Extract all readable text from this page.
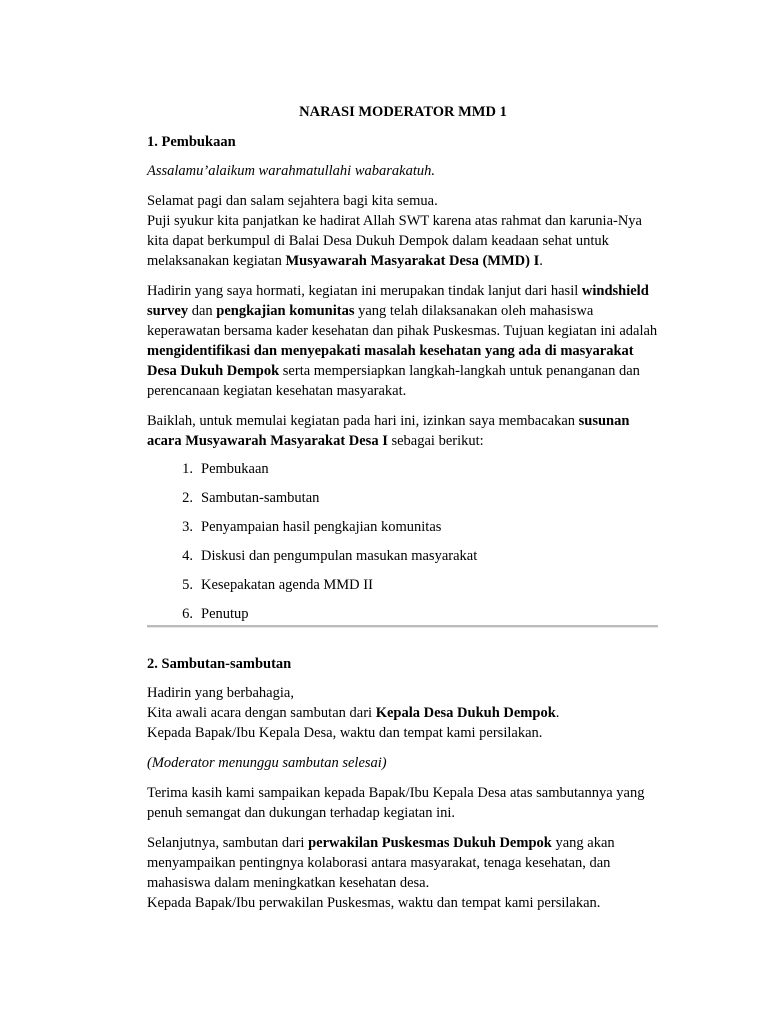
NARASI MODERATOR MMD 1
1. Pembukaan

Assalamu’alaikum warahmatullahi wabarakatuh.

Selamat pagi dan salam sejahtera bagi kita semua.
Puji syukur kita panjatkan ke hadirat Allah SWT karena atas rahmat dan karunia-Nya kita dapat berkumpul di Balai Desa Dukuh Dempok dalam keadaan sehat untuk melaksanakan kegiatan Musyawarah Masyarakat Desa (MMD) I.

Hadirin yang saya hormati, kegiatan ini merupakan tindak lanjut dari hasil windshield survey dan pengkajian komunitas yang telah dilaksanakan oleh mahasiswa keperawatan bersama kader kesehatan dan pihak Puskesmas. Tujuan kegiatan ini adalah mengidentifikasi dan menyepakati masalah kesehatan yang ada di masyarakat Desa Dukuh Dempok serta mempersiapkan langkah-langkah untuk penanganan dan perencanaan kegiatan kesehatan masyarakat.

Baiklah, untuk memulai kegiatan pada hari ini, izinkan saya membacakan susunan acara Musyawarah Masyarakat Desa I sebagai berikut:

1. Pembukaan
2. Sambutan-sambutan
3. Penyampaian hasil pengkajian komunitas
4. Diskusi dan pengumpulan masukan masyarakat
5. Kesepakatan agenda MMD II
6. Penutup
2. Sambutan-sambutan

Hadirin yang berbahagia,
Kita awali acara dengan sambutan dari Kepala Desa Dukuh Dempok.
Kepada Bapak/Ibu Kepala Desa, waktu dan tempat kami persilakan.

(Moderator menunggu sambutan selesai)

Terima kasih kami sampaikan kepada Bapak/Ibu Kepala Desa atas sambutannya yang penuh semangat dan dukungan terhadap kegiatan ini.

Selanjutnya, sambutan dari perwakilan Puskesmas Dukuh Dempok yang akan menyampaikan pentingnya kolaborasi antara masyarakat, tenaga kesehatan, dan mahasiswa dalam meningkatkan kesehatan desa.
Kepada Bapak/Ibu perwakilan Puskesmas, waktu dan tempat kami persilakan.
